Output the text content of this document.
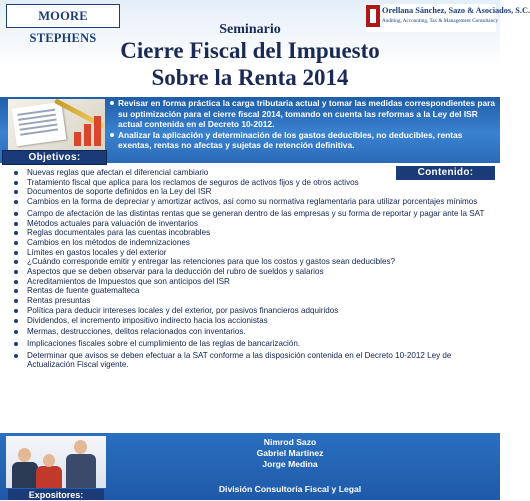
MOORE STEPHENS
Orellana Sánchez, Sazo & Asociados, S.C.
Auditing, Accounting, Tax & Management Consultancy
Seminario
Cierre Fiscal del Impuesto
Sobre la Renta 2014
Objetivos:
Revisar en forma práctica la carga tributaria actual y tomar las medidas correspondientes para su optimización para el cierre fiscal 2014, tomando en cuenta las reformas a la Ley del ISR actual contenida en el Decreto 10-2012.
Analizar la aplicación y determinación de los gastos deducibles, no deducibles, rentas exentas, rentas no afectas y sujetas de retención definitiva.
Contenido:
Nuevas reglas que afectan el diferencial cambiario
Tratamiento fiscal que aplica para los reclamos de seguros de activos fijos y de otros activos
Documentos de soporte definidos en la Ley del ISR
Cambios en la forma de depreciar y amortizar activos, así como su normativa reglamentaria para utilizar porcentajes mínimos
Campo de afectación de las distintas rentas que se generan dentro de las empresas y su forma de reportar y pagar ante la SAT
Métodos actuales para valuación de inventarios
Reglas documentales para las cuentas incobrables
Cambios en los métodos de indemnizaciones
Límites en gastos locales y del exterior
¿Cuándo corresponde emitir y entregar las retenciones para que los costos y gastos sean deducibles?
Aspectos que se deben observar para la deducción del rubro de sueldos y salarios
Acreditamientos de Impuestos que son anticipos del ISR
Rentas de fuente guatemalteca
Rentas presuntas
Política para deducir intereses locales y del exterior, por pasivos financieros adquiridos
Dividendos, el incremento impositivo indirecto hacia los accionistas
Mermas, destrucciones, delitos relacionados con inventarios.
Implicaciones fiscales sobre el cumplimiento de las reglas de bancarización.
Determinar que avisos se deben efectuar a la SAT conforme a las disposición contenida en el Decreto 10-2012 Ley de Actualización Fiscal vigente.
Expositores:
Nimrod Sazo
Gabriel Martínez
Jorge Medina
División Consultoría Fiscal y Legal
